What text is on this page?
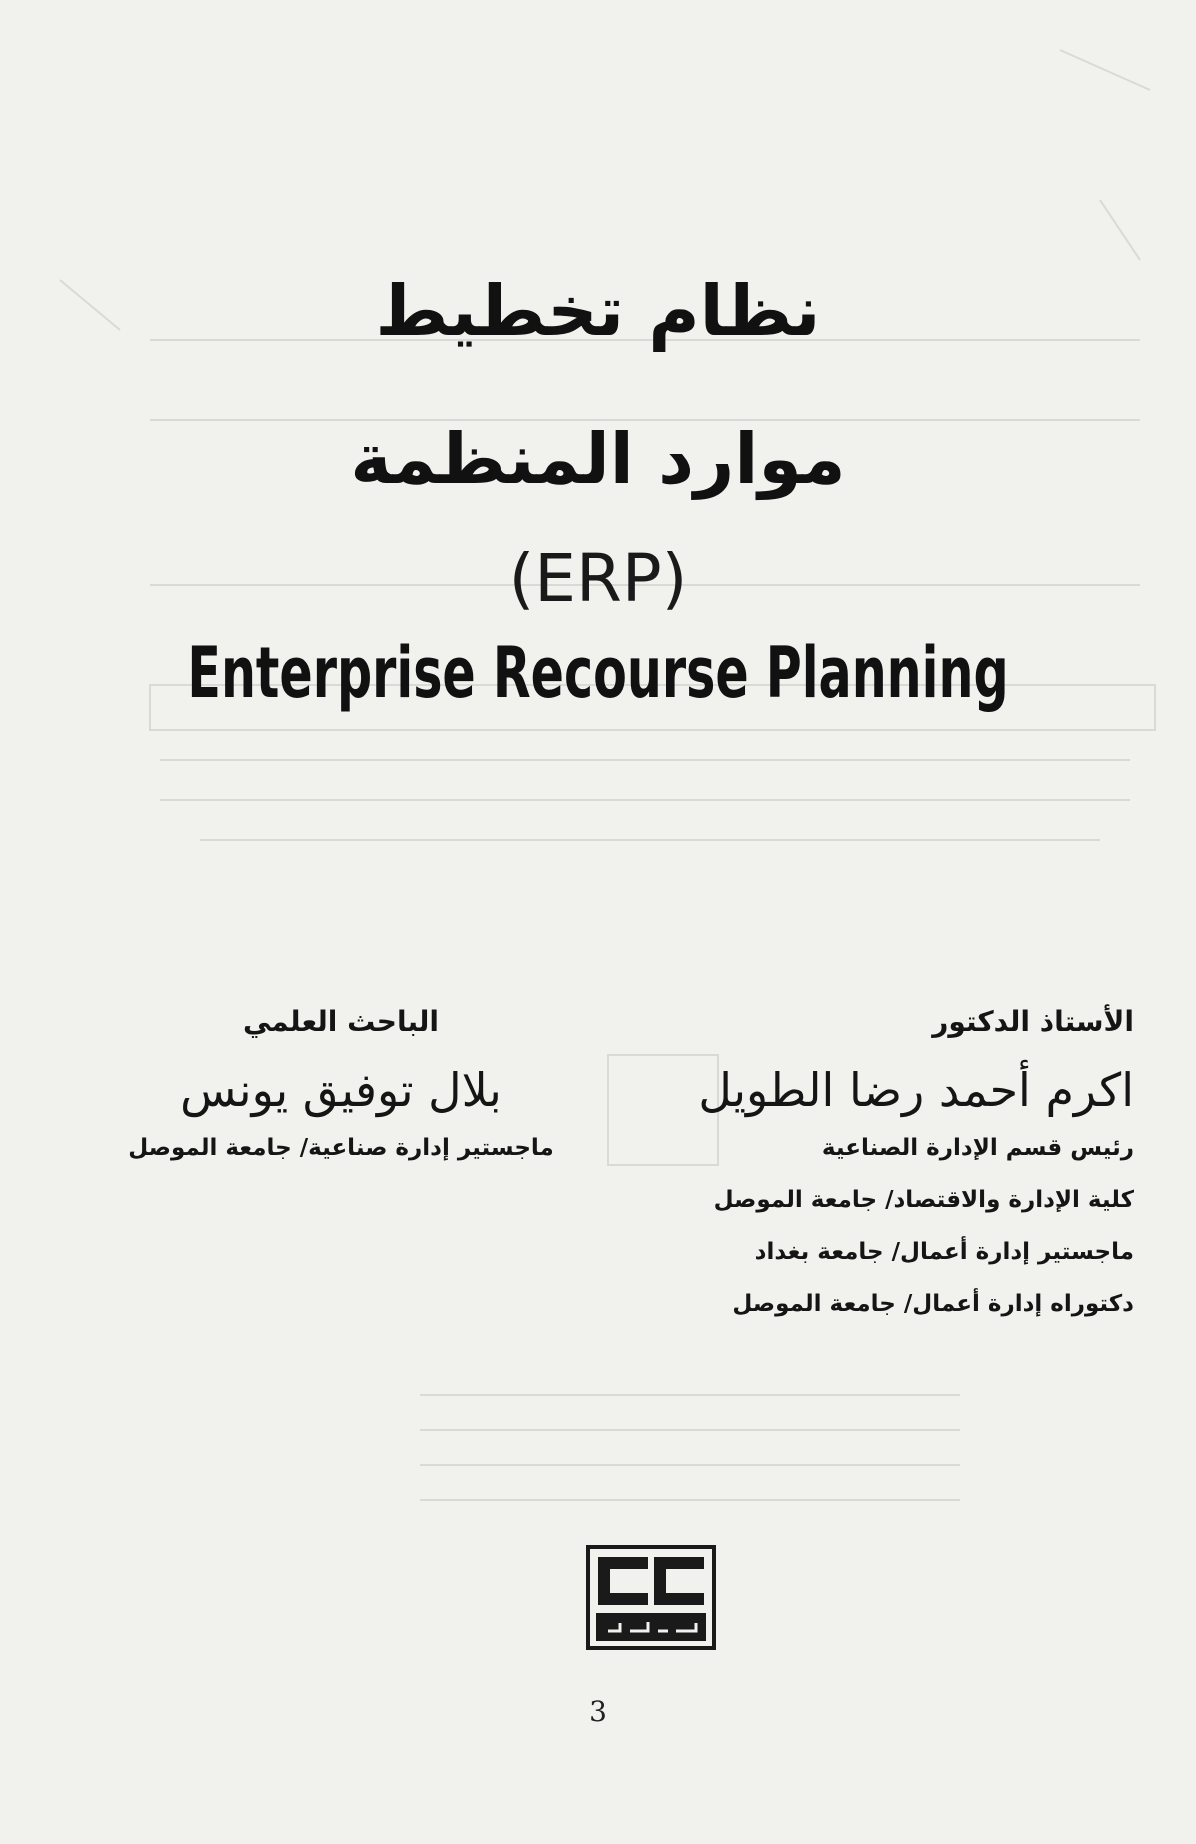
نظام تخطيط
موارد المنظمة
(ERP)
Enterprise Recourse Planning

الأستاذ الدكتور

اكرم أحمد رضا الطويل

رئيس قسم الإدارة الصناعية

كلية الإدارة والاقتصاد/ جامعة الموصل

ماجستير إدارة أعمال/ جامعة بغداد

دكتوراه إدارة أعمال/ جامعة الموصل

الباحث العلمي

بلال توفيق يونس

ماجستير إدارة صناعية/ جامعة الموصل

3
